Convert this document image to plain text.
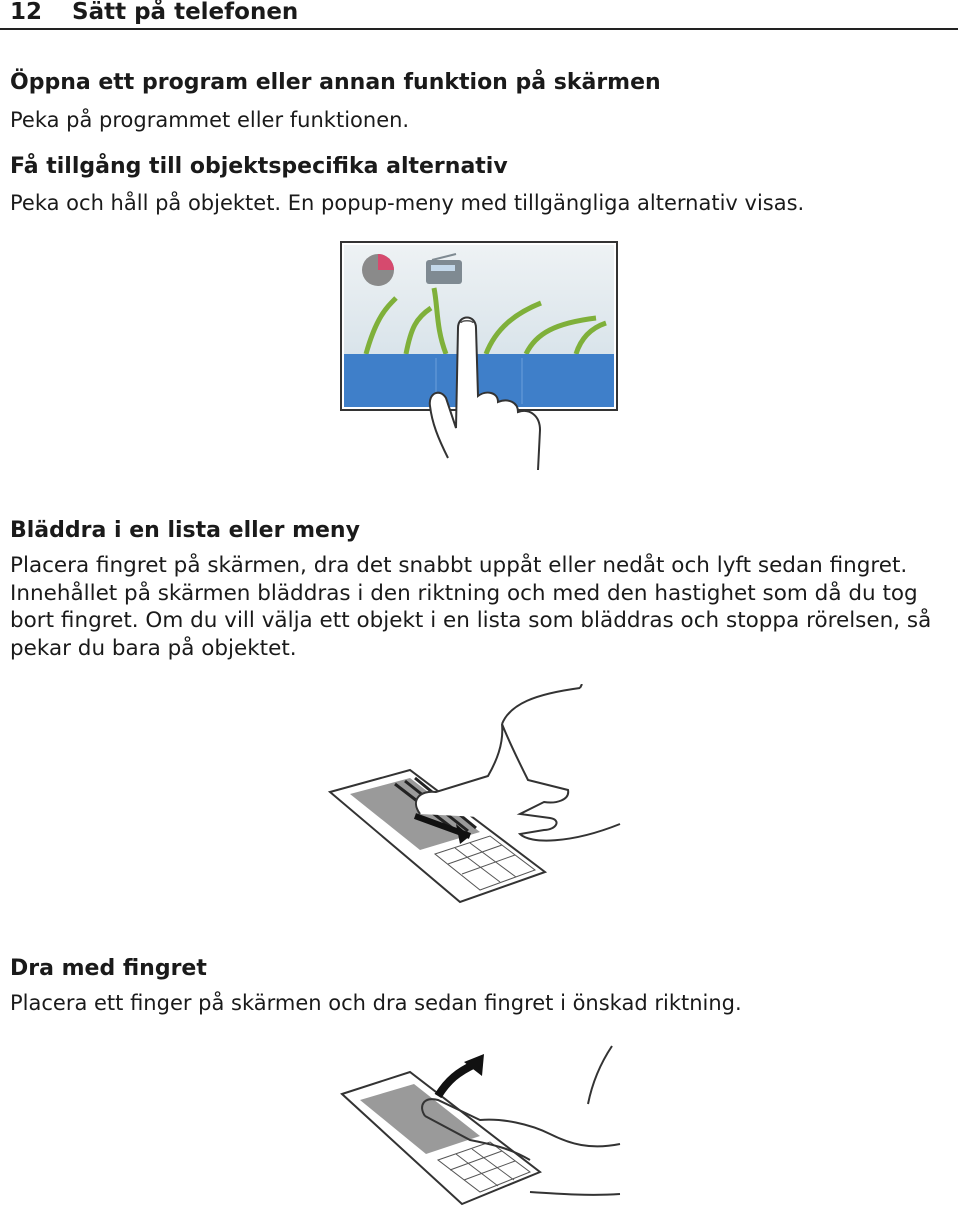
12 Sätt på telefonen
Öppna ett program eller annan funktion på skärmen
Peka på programmet eller funktionen.
Få tillgång till objektspecifika alternativ
Peka och håll på objektet. En popup-meny med tillgängliga alternativ visas.
Bläddra i en lista eller meny
Placera fingret på skärmen, dra det snabbt uppåt eller nedåt och lyft sedan fingret.
Innehållet på skärmen bläddras i den riktning och med den hastighet som då du tog
bort fingret. Om du vill välja ett objekt i en lista som bläddras och stoppa rörelsen, så
pekar du bara på objektet.
Dra med fingret
Placera ett finger på skärmen och dra sedan fingret i önskad riktning.
